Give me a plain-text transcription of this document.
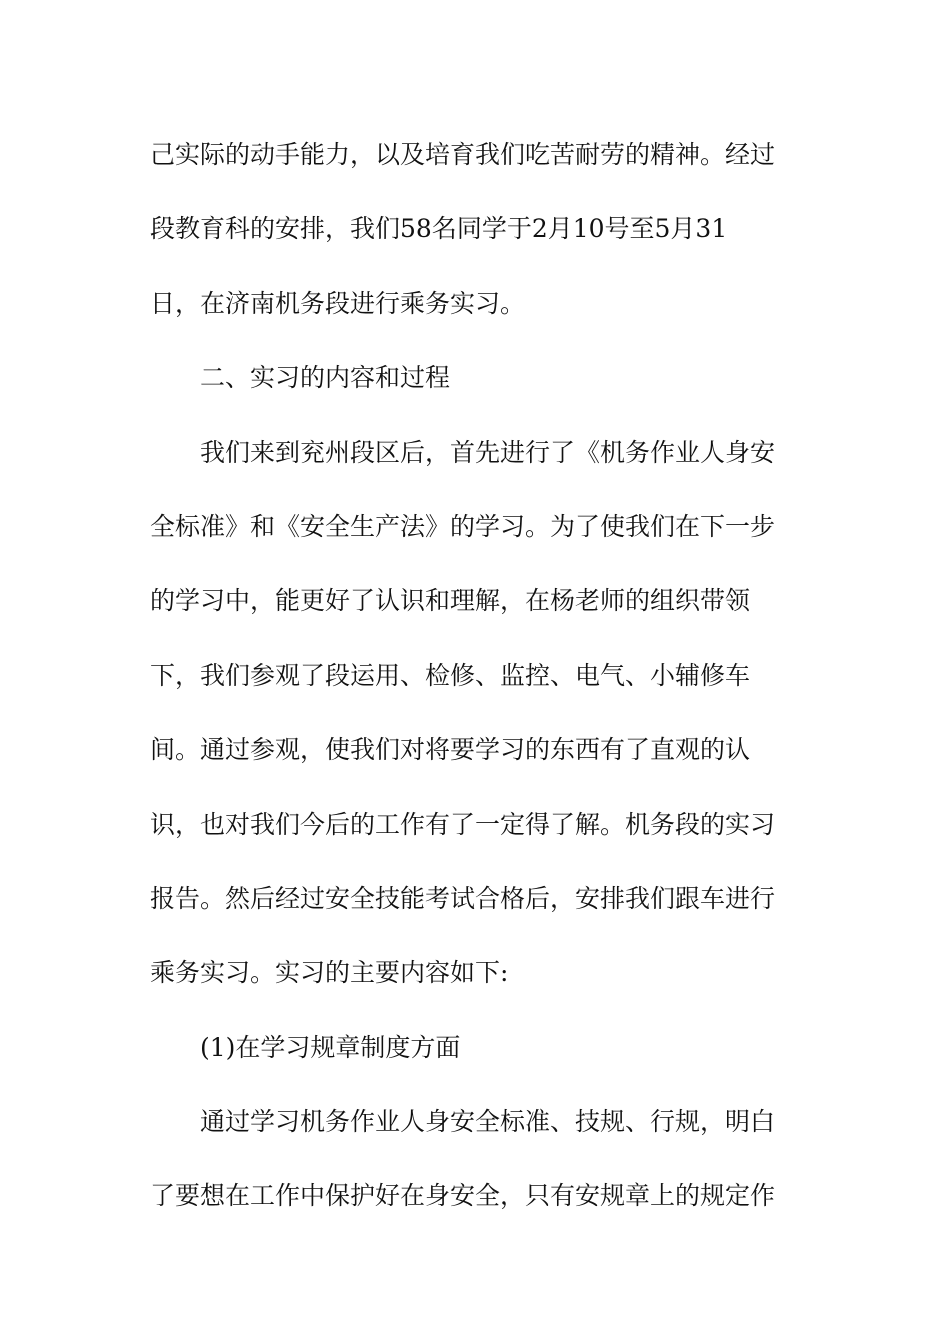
己实际的动手能力，以及培育我们吃苦耐劳的精神。经过
段教育科的安排，我们58名同学于2月10号至5月31
日，在济南机务段进行乘务实习。
二、实习的内容和过程
我们来到兖州段区后，首先进行了《机务作业人身安
全标准》和《安全生产法》的学习。为了使我们在下一步
的学习中，能更好了认识和理解，在杨老师的组织带领
下，我们参观了段运用、检修、监控、电气、小辅修车
间。通过参观，使我们对将要学习的东西有了直观的认
识，也对我们今后的工作有了一定得了解。机务段的实习
报告。然后经过安全技能考试合格后，安排我们跟车进行
乘务实习。实习的主要内容如下:
(1)在学习规章制度方面
通过学习机务作业人身安全标准、技规、行规，明白
了要想在工作中保护好在身安全，只有安规章上的规定作
